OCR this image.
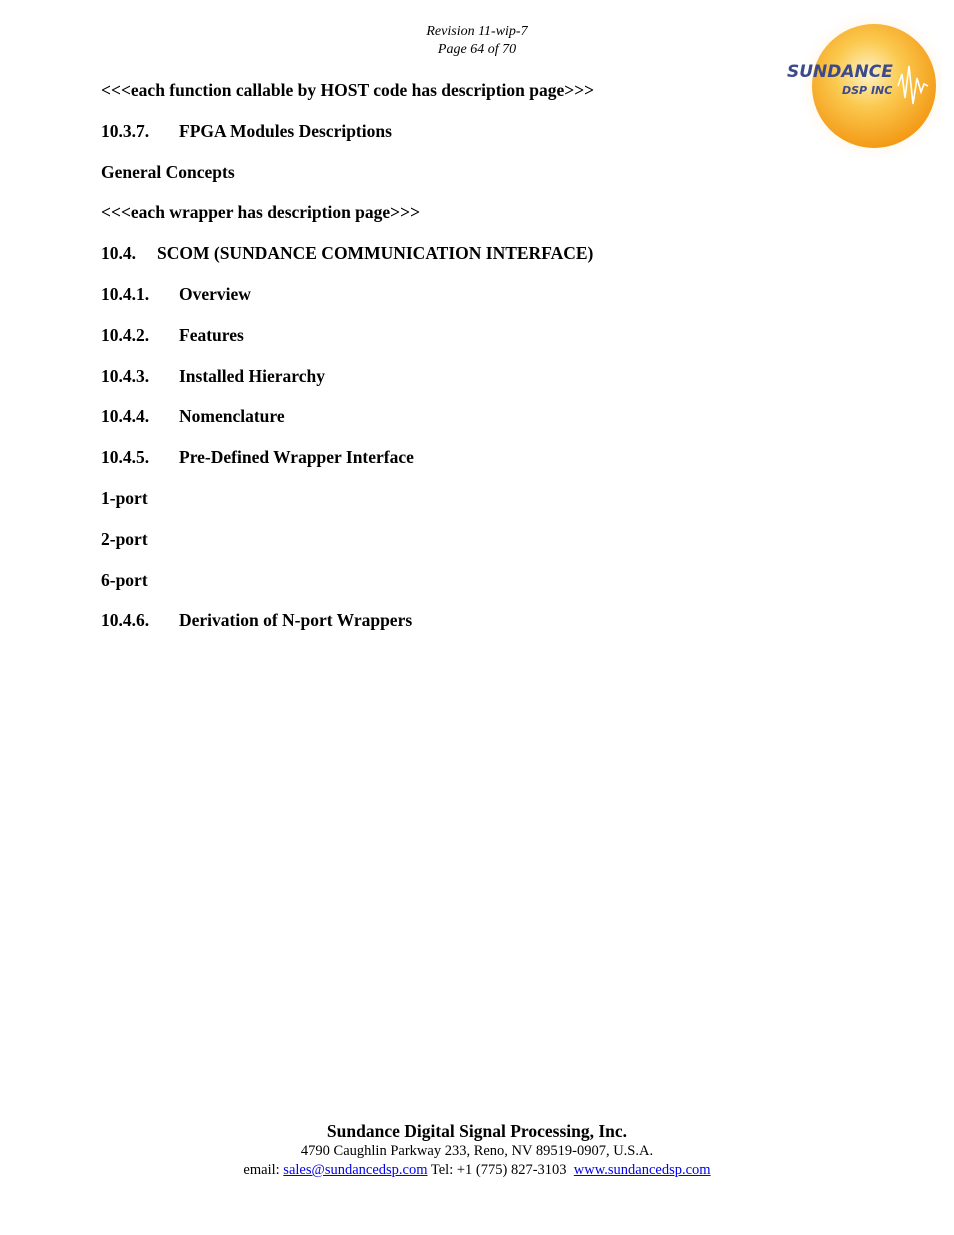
Revision 11-wip-7
Page 64 of 70
SUNDANCE
DSP INC
<<<each function callable by HOST code has description page>>>
10.3.7. FPGA Modules Descriptions
General Concepts
<<<each wrapper has description page>>>
10.4. SCOM (SUNDANCE COMMUNICATION INTERFACE)
10.4.1. Overview
10.4.2. Features
10.4.3. Installed Hierarchy
10.4.4. Nomenclature
10.4.5. Pre-Defined Wrapper Interface
1-port
2-port
6-port
10.4.6. Derivation of N-port Wrappers
Sundance Digital Signal Processing, Inc.
4790 Caughlin Parkway 233, Reno, NV 89519-0907, U.S.A.
email: sales@sundancedsp.com Tel: +1 (775) 827-3103 www.sundancedsp.com
